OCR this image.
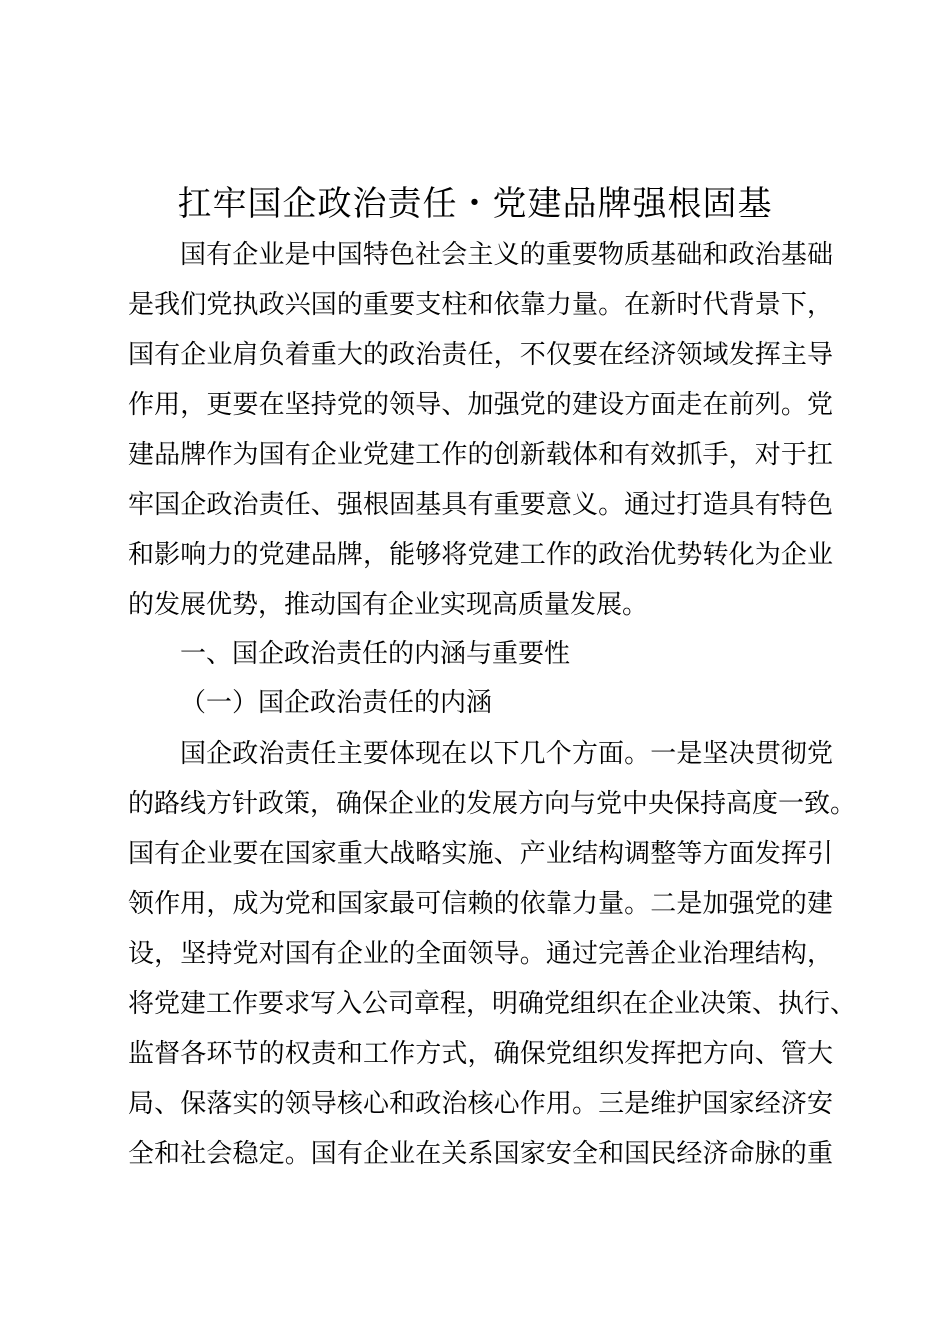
扛牢国企政治责任・党建品牌强根固基
国有企业是中国特色社会主义的重要物质基础和政治基础
是我们党执政兴国的重要支柱和依靠力量。在新时代背景下，
国有企业肩负着重大的政治责任，不仅要在经济领域发挥主导
作用，更要在坚持党的领导、加强党的建设方面走在前列。党
建品牌作为国有企业党建工作的创新载体和有效抓手，对于扛
牢国企政治责任、强根固基具有重要意义。通过打造具有特色
和影响力的党建品牌，能够将党建工作的政治优势转化为企业
的发展优势，推动国有企业实现高质量发展。
一、国企政治责任的内涵与重要性
（一）国企政治责任的内涵
国企政治责任主要体现在以下几个方面。一是坚决贯彻党
的路线方针政策，确保企业的发展方向与党中央保持高度一致。
国有企业要在国家重大战略实施、产业结构调整等方面发挥引
领作用，成为党和国家最可信赖的依靠力量。二是加强党的建
设，坚持党对国有企业的全面领导。通过完善企业治理结构，
将党建工作要求写入公司章程，明确党组织在企业决策、执行、
监督各环节的权责和工作方式，确保党组织发挥把方向、管大
局、保落实的领导核心和政治核心作用。三是维护国家经济安
全和社会稳定。国有企业在关系国家安全和国民经济命脉的重
